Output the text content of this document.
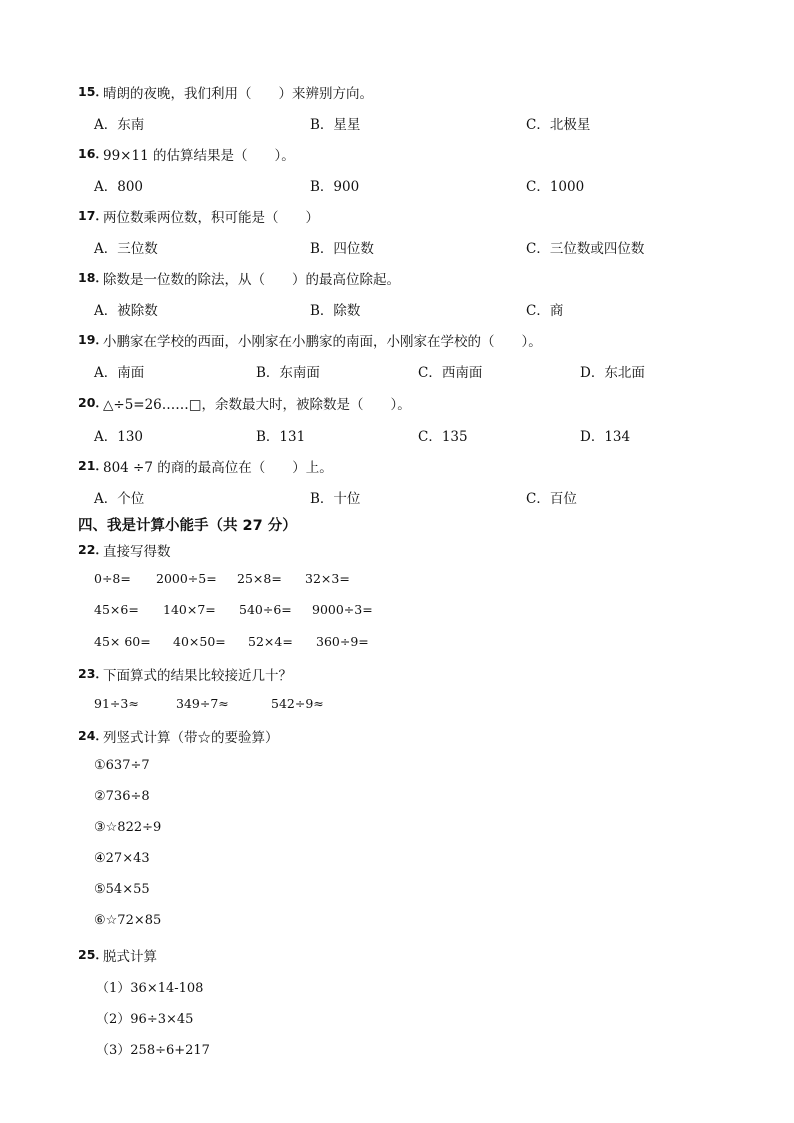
15．
晴朗的夜晚，我们利用（　　）来辨别方向。
A．东南	B．星星	C．北极星
16．
99×11 的估算结果是（　　）。
A．800	B．900	C．1000
17．
两位数乘两位数，积可能是（　　）
A．三位数	B．四位数	C．三位数或四位数
18．
除数是一位数的除法，从（　　）的最高位除起。
A．被除数	B．除数	C．商
19．
小鹏家在学校的西面，小刚家在小鹏家的南面，小刚家在学校的（　　）。
A．南面	B．东南面	C．西南面	D．东北面
20．
△÷5=26……□，余数最大时，被除数是（　　）。
A．130	B．131	C．135	D．134
21．
804 ÷7 的商的最高位在（　　）上。
A．个位	B．十位	C．百位
四、我是计算小能手（共 27 分）
22．
直接写得数
0÷8= 2000÷5= 25×8= 32×3=
45×6= 140×7= 540÷6= 9000÷3=
45× 60= 40×50= 52×4= 360÷9=
23．
下面算式的结果比较接近几十？
91÷3≈	349÷7≈	542÷9≈
24．
列竖式计算（带☆的要验算）
①637÷7
②736÷8
③☆822÷9
④27×43
⑤54×55
⑥☆72×85
25．
脱式计算
（1）36×14-108
（2）96÷3×45
（3）258÷6+217
